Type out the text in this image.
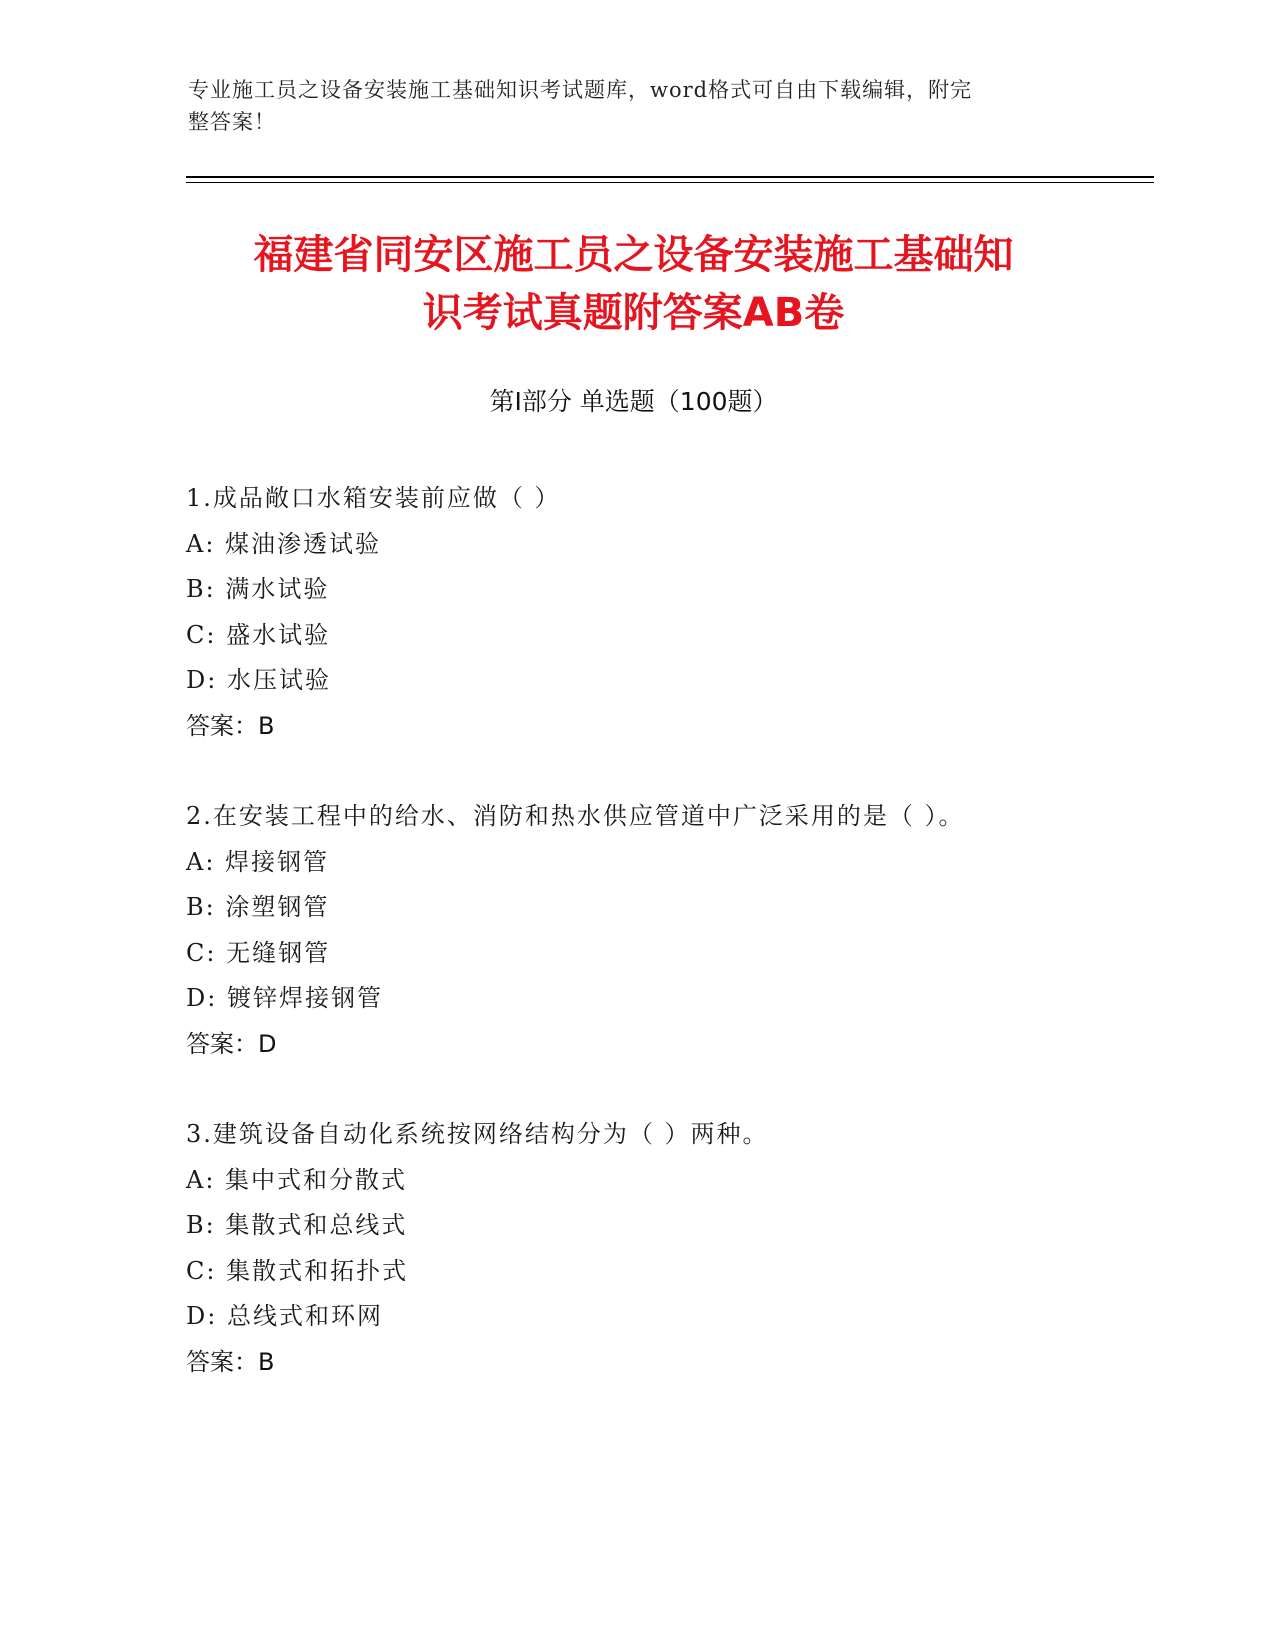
专业施工员之设备安装施工基础知识考试题库，word格式可自由下载编辑，附完
整答案！
福建省同安区施工员之设备安装施工基础知
识考试真题附答案AB卷
第Ⅰ部分 单选题（100题）
1.成品敞口水箱安装前应做（ ）
A: 煤油渗透试验
B: 满水试验
C: 盛水试验
D: 水压试验
答案：B
2.在安装工程中的给水、消防和热水供应管道中广泛采用的是（ ）。
A: 焊接钢管
B: 涂塑钢管
C: 无缝钢管
D: 镀锌焊接钢管
答案：D
3.建筑设备自动化系统按网络结构分为（ ）两种。
A: 集中式和分散式
B: 集散式和总线式
C: 集散式和拓扑式
D: 总线式和环网
答案：B
